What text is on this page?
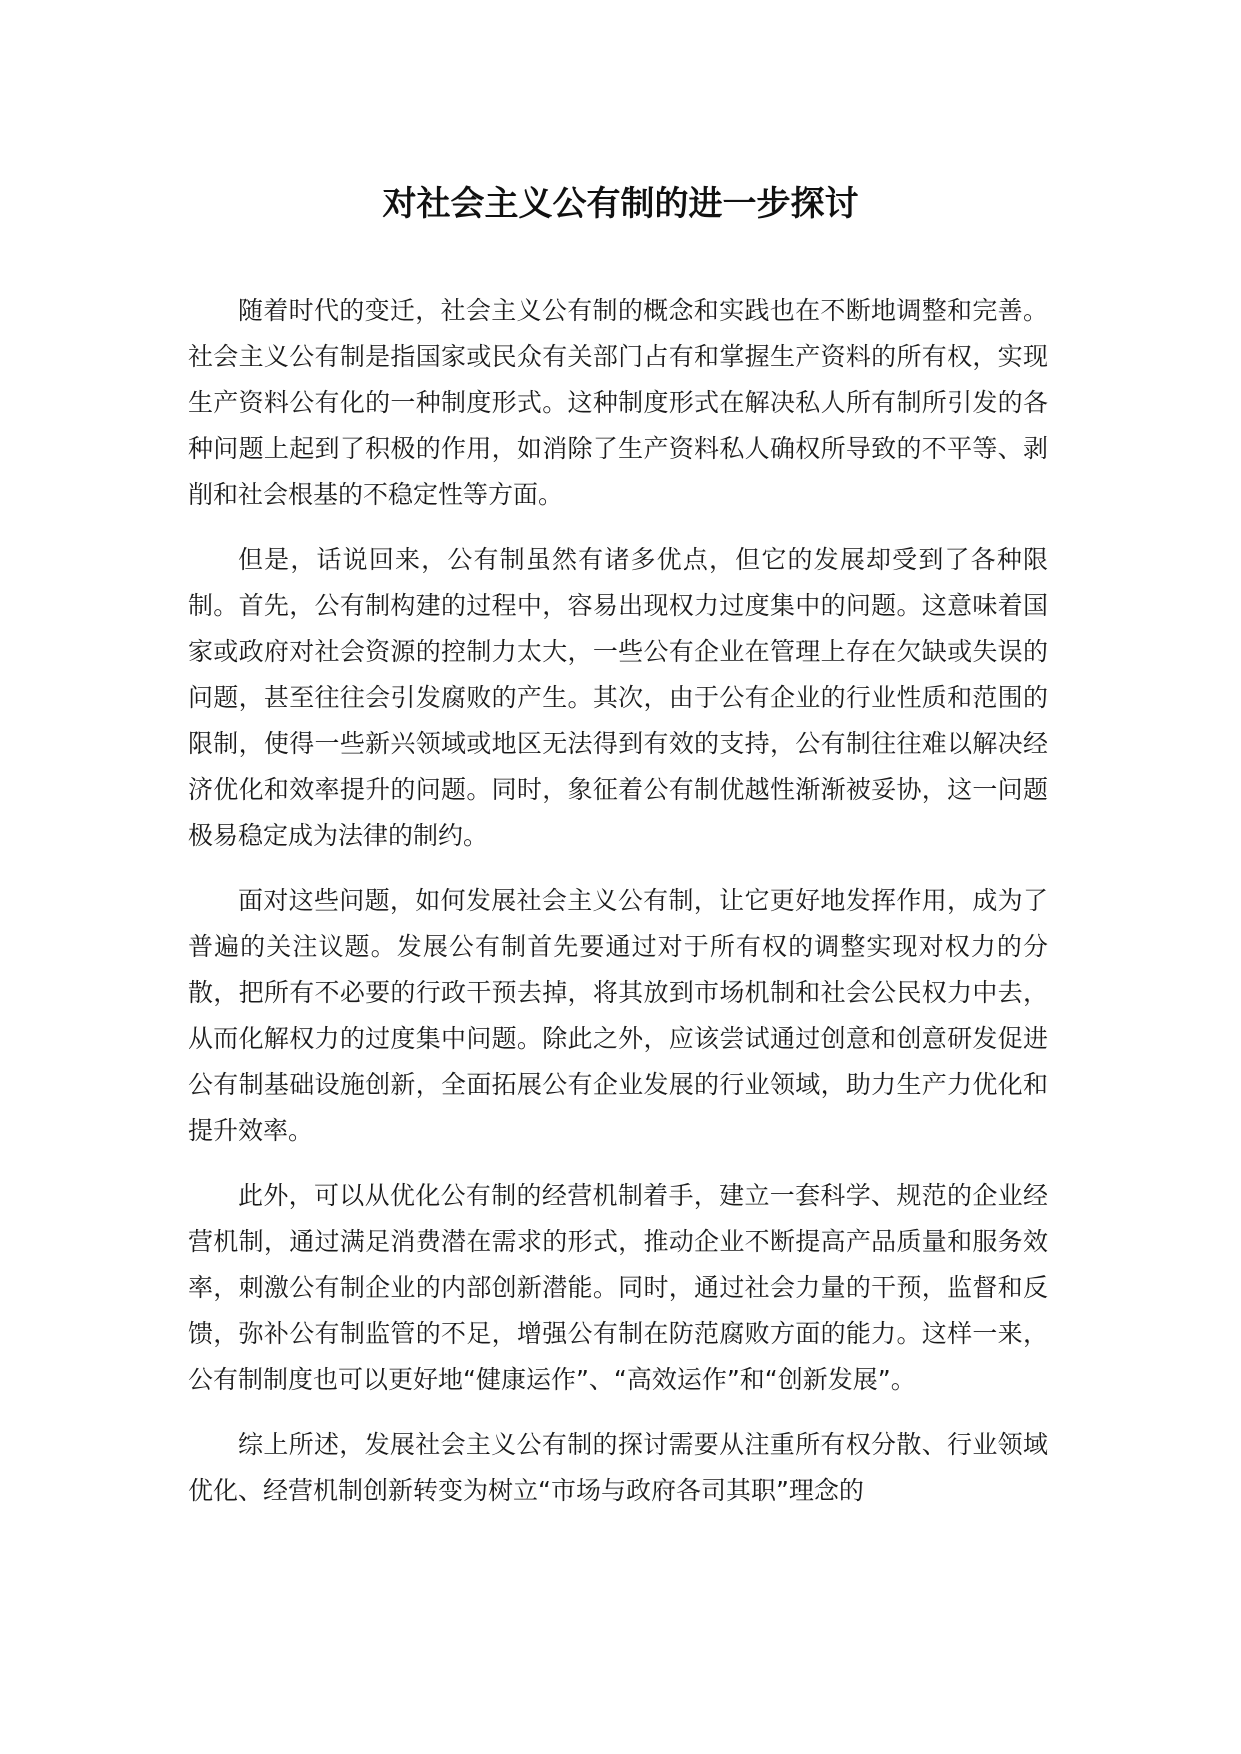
对社会主义公有制的进一步探讨

随着时代的变迁，社会主义公有制的概念和实践也在不断地调整和完善。社会主义公有制是指国家或民众有关部门占有和掌握生产资料的所有权，实现生产资料公有化的一种制度形式。这种制度形式在解决私人所有制所引发的各种问题上起到了积极的作用，如消除了生产资料私人确权所导致的不平等、剥削和社会根基的不稳定性等方面。

但是，话说回来，公有制虽然有诸多优点，但它的发展却受到了各种限制。首先，公有制构建的过程中，容易出现权力过度集中的问题。这意味着国家或政府对社会资源的控制力太大，一些公有企业在管理上存在欠缺或失误的问题，甚至往往会引发腐败的产生。其次，由于公有企业的行业性质和范围的限制，使得一些新兴领域或地区无法得到有效的支持，公有制往往难以解决经济优化和效率提升的问题。同时，象征着公有制优越性渐渐被妥协，这一问题极易稳定成为法律的制约。

面对这些问题，如何发展社会主义公有制，让它更好地发挥作用，成为了普遍的关注议题。发展公有制首先要通过对于所有权的调整实现对权力的分散，把所有不必要的行政干预去掉，将其放到市场机制和社会公民权力中去，从而化解权力的过度集中问题。除此之外，应该尝试通过创意和创意研发促进公有制基础设施创新，全面拓展公有企业发展的行业领域，助力生产力优化和提升效率。

此外，可以从优化公有制的经营机制着手，建立一套科学、规范的企业经营机制，通过满足消费潜在需求的形式，推动企业不断提高产品质量和服务效率，刺激公有制企业的内部创新潜能。同时，通过社会力量的干预，监督和反馈，弥补公有制监管的不足，增强公有制在防范腐败方面的能力。这样一来，公有制制度也可以更好地“健康运作”、“高效运作”和“创新发展”。

综上所述，发展社会主义公有制的探讨需要从注重所有权分散、行业领域优化、经营机制创新转变为树立“市场与政府各司其职”理念的
